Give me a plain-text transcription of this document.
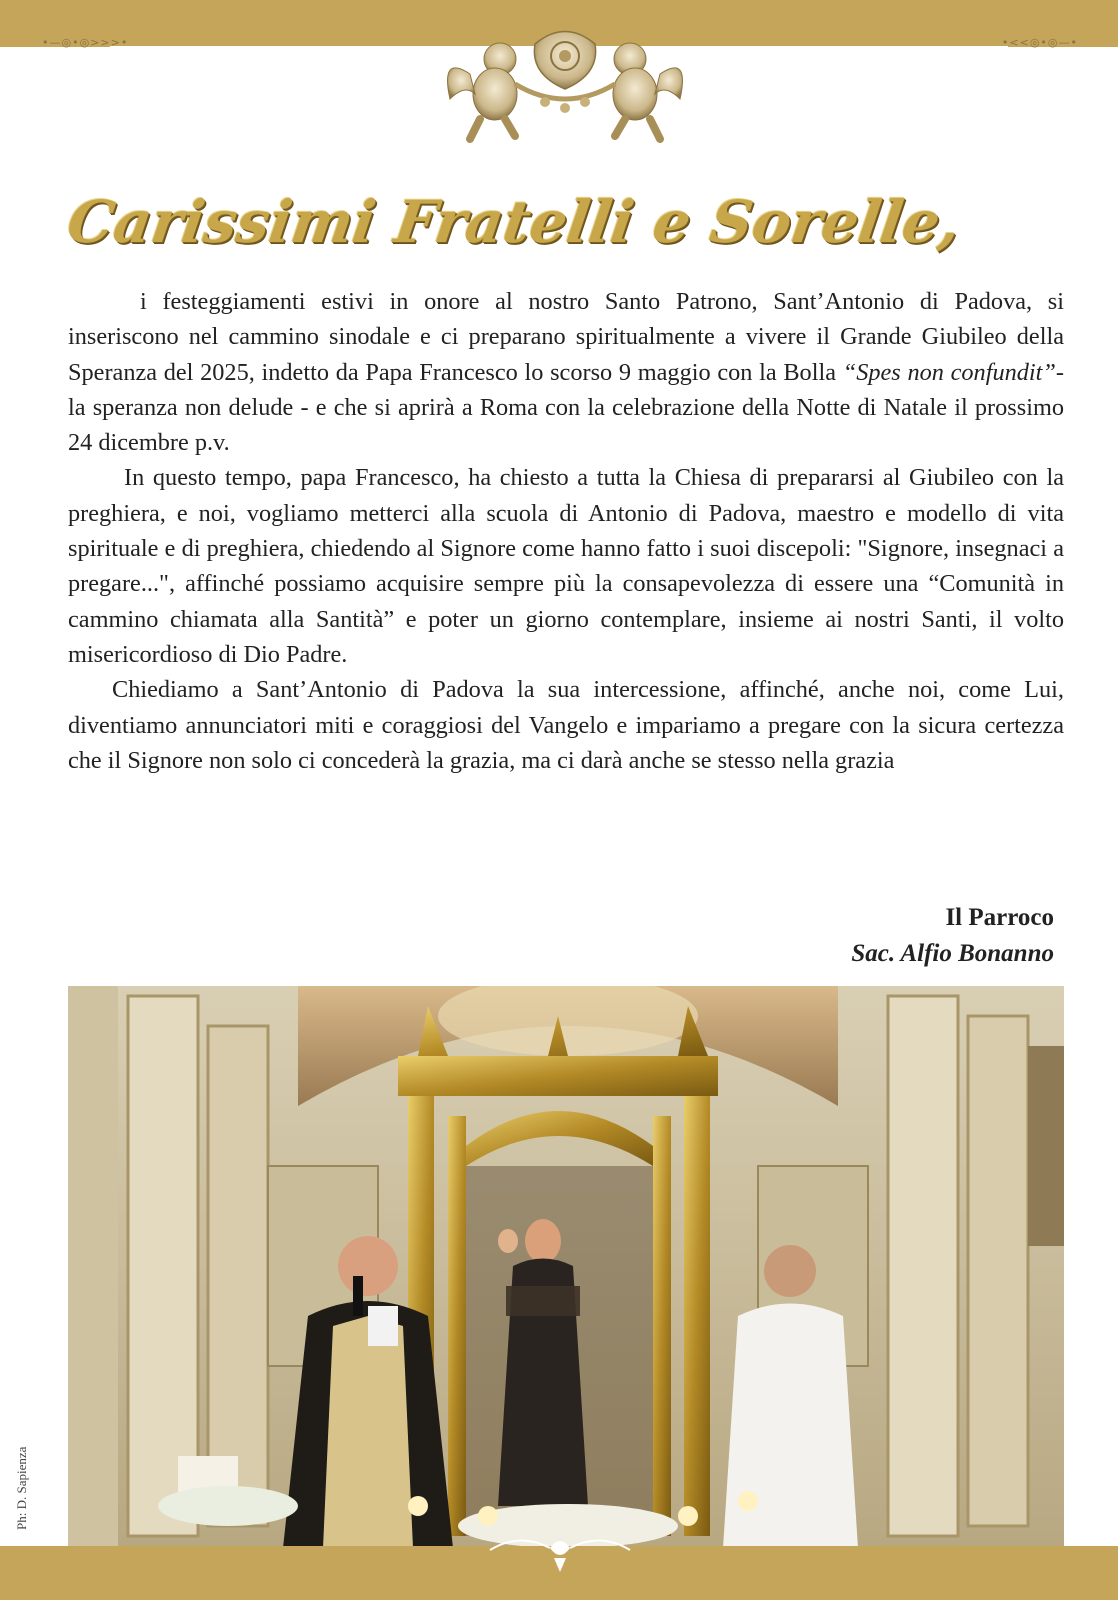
•—◎•◎>>>•	•<<◎•◎—•
Carissimi Fratelli e Sorelle,

i festeggiamenti estivi in onore al nostro Santo Patrono, Sant’Antonio di Padova, si inseriscono nel cammino sinodale e ci preparano spiritualmente a vivere il Grande Giubileo della Speranza del 2025, indetto da Papa Francesco lo scorso 9 maggio con la Bolla “Spes non confundit”- la speranza non delude - e che si aprirà a Roma con la celebrazione della Notte di Natale il prossimo 24 dicembre p.v.

In questo tempo, papa Francesco, ha chiesto a tutta la Chiesa di prepararsi al Giubileo con la preghiera, e noi, vogliamo metterci alla scuola di Antonio di Padova, maestro e modello di vita spirituale e di preghiera, chiedendo al Signore come hanno fatto i suoi discepoli: "Signore, insegnaci a pregare...", affinché possiamo acquisire sempre più la consapevolezza di essere una “Comunità in cammino chiamata alla Santità” e poter un giorno contemplare, insieme ai nostri Santi, il volto misericordioso di Dio Padre.

Chiediamo a Sant’Antonio di Padova la sua intercessione, affinché, anche noi, come Lui, diventiamo annunciatori miti e coraggiosi del Vangelo e impariamo a pregare con la sicura certezza che il Signore non solo ci concederà la grazia, ma ci darà anche se stesso nella grazia

Il Parroco
Sac. Alfio Bonanno
Ph: D. Sapienza
